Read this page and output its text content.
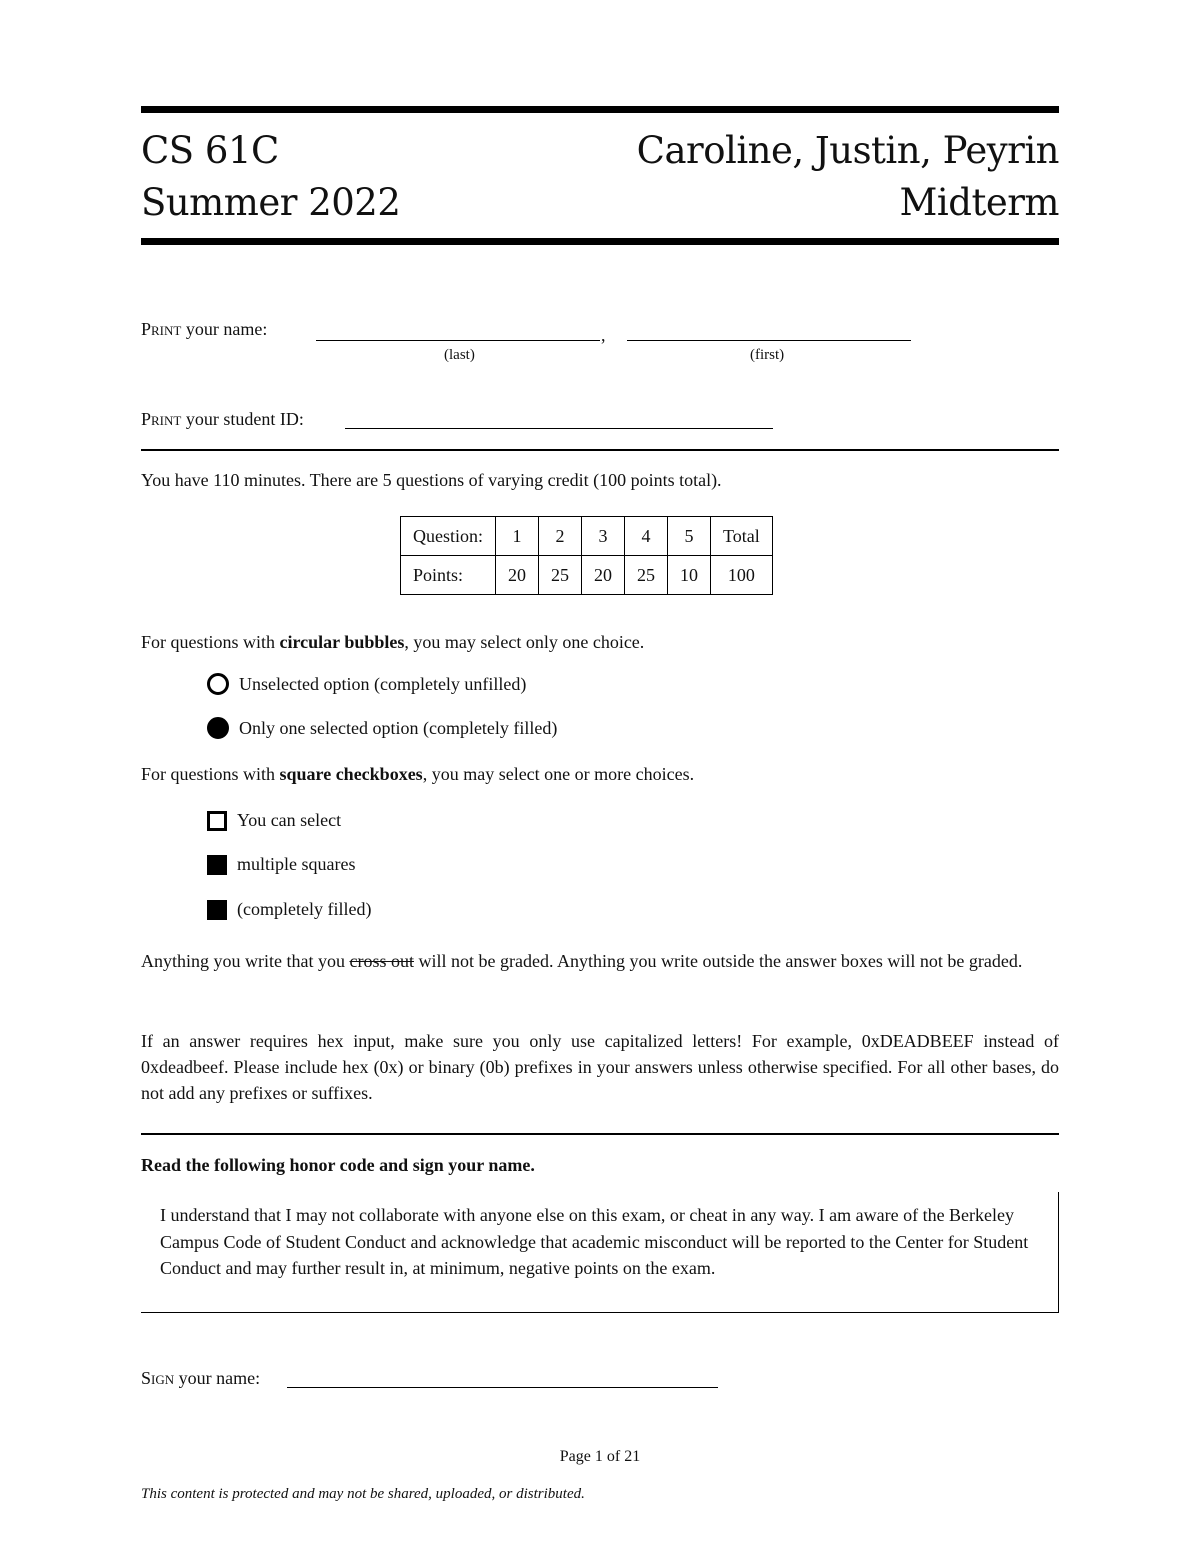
CS 61C
Summer 2022
Caroline, Justin, Peyrin
Midterm
Print your name:	,
(last)	(first)
Print your student ID:
You have 110 minutes. There are 5 questions of varying credit (100 points total).
Question:	1	2	3	4	5	Total
Points:	20	25	20	25	10	100
For questions with circular bubbles, you may select only one choice.
Unselected option (completely unfilled)
Only one selected option (completely filled)
For questions with square checkboxes, you may select one or more choices.
You can select
multiple squares
(completely filled)
Anything you write that you cross out will not be graded. Anything you write outside the answer boxes will not be graded.
If an answer requires hex input, make sure you only use capitalized letters! For example, 0xDEADBEEF instead of 0xdeadbeef. Please include hex (0x) or binary (0b) prefixes in your answers unless otherwise specified. For all other bases, do not add any prefixes or suffixes.
Read the following honor code and sign your name.

I understand that I may not collaborate with anyone else on this exam, or cheat in any way. I am aware of the Berkeley Campus Code of Student Conduct and acknowledge that academic misconduct will be reported to the Center for Student Conduct and may further result in, at minimum, negative points on the exam.

Sign your name:
Page 1 of 21
This content is protected and may not be shared, uploaded, or distributed.
